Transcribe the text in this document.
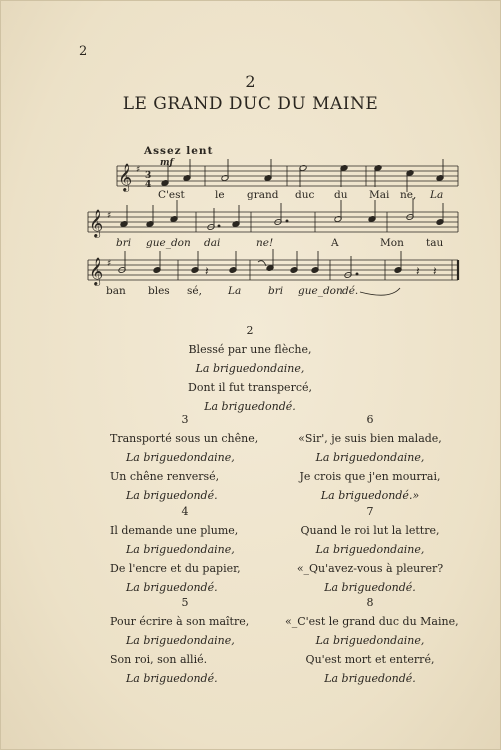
2
2
LE GRAND DUC DU MAINE
Assez lent
mf
𝄞
𝄞
𝄞
♯
♯
♯
3
4
𝄽	𝄽 𝄽
C'est	le grand duc du Mai ne, La
bri gue_don dai	ne!	A	Mon tau
ban bles sé, La	bri gue_don dé.
2
Blessé par une flèche,
La briguedondaine,
Dont il fut transpercé,
La briguedondé.
3
Transporté sous un chêne,
La briguedondaine,
Un chêne renversé,
La briguedondé.
4
Il demande une plume,
La briguedondaine,
De l'encre et du papier,
La briguedondé.
5
Pour écrire à son maître,
La briguedondaine,
Son roi, son allié.
La briguedondé.
6
«Sir', je suis bien malade,
La briguedondaine,
Je crois que j'en mourrai,
La briguedondé.»
7
Quand le roi lut la lettre,
La briguedondaine,
«_Qu'avez-vous à pleurer?
La briguedondé.
8
«_C'est le grand duc du Maine,
La briguedondaine,
Qu'est mort et enterré,
La briguedondé.
